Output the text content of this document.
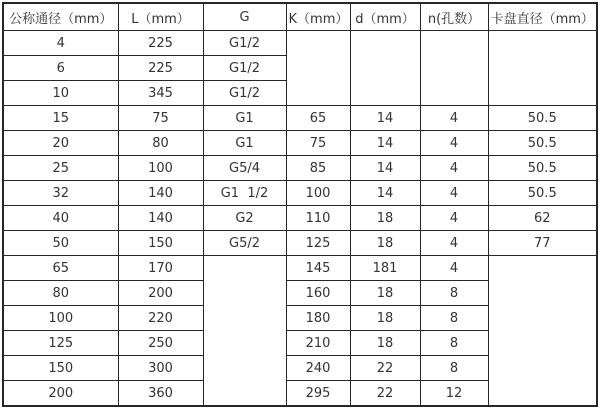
公称通径（mm）	L（mm）	G	K（mm）	d（mm）	n(孔数）	卡盘直径（mm）
4	225	G1/2				
6	225	G1/2				
10	345	G1/2				
15	75	G1	65	14	4	50.5
20	80	G1	75	14	4	50.5
25	100	G5/4	85	14	4	50.5
32	140	G1  1/2	100	14	4	50.5
40	140	G2	110	18	4	62
50	150	G5/2	125	18	4	77
65	170		145	181	4	
80	200		160	18	8	
100	220		180	18	8	
125	250		210	18	8	
150	300		240	22	8	
200	360		295	22	12	
